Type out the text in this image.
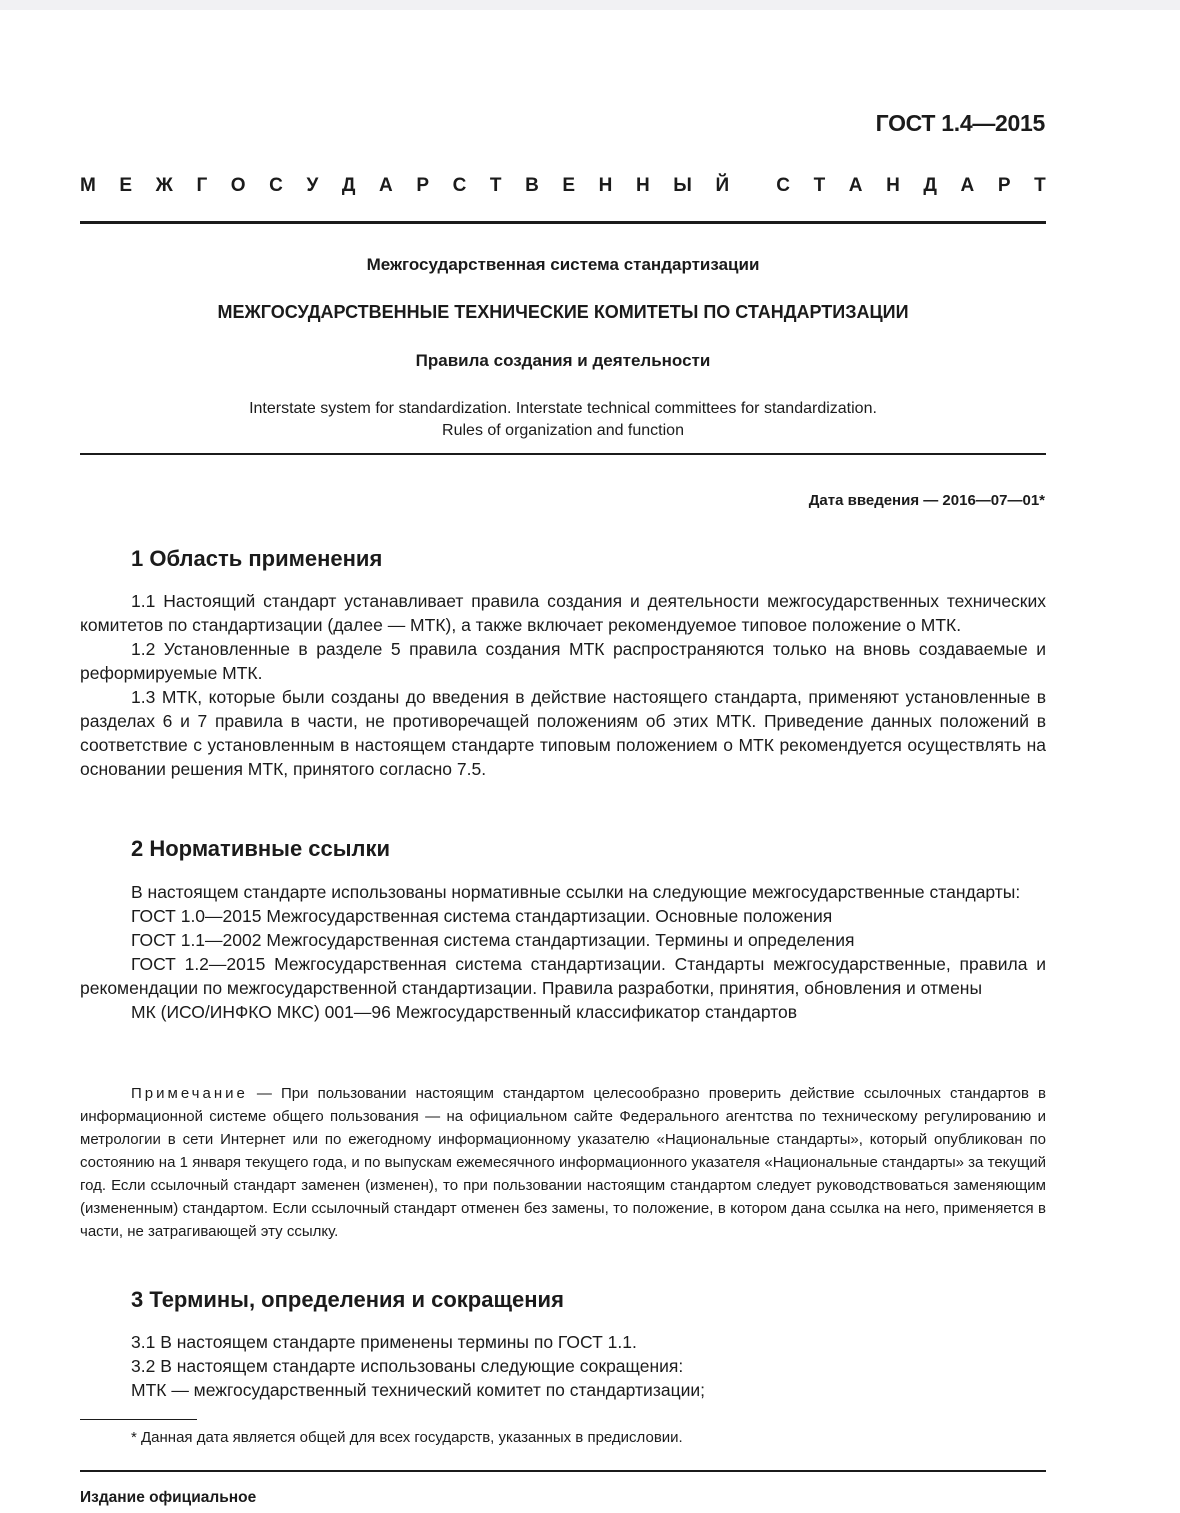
ГОСТ 1.4—2015
М Е Ж Г О С У Д А Р С Т В Е Н Н Ы Й С Т А Н Д А Р Т
Межгосударственная система стандартизации
МЕЖГОСУДАРСТВЕННЫЕ ТЕХНИЧЕСКИЕ КОМИТЕТЫ ПО СТАНДАРТИЗАЦИИ
Правила создания и деятельности
Interstate system for standardization. Interstate technical committees for standardization.
Rules of organization and function
Дата введения — 2016—07—01*
1 Область применения

1.1 Настоящий стандарт устанавливает правила создания и деятельности межгосударственных технических комитетов по стандартизации (далее — МТК), а также включает рекомендуемое типовое положение о МТК.

1.2 Установленные в разделе 5 правила создания МТК распространяются только на вновь создаваемые и реформируемые МТК.

1.3 МТК, которые были созданы до введения в действие настоящего стандарта, применяют установленные в разделах 6 и 7 правила в части, не противоречащей положениям об этих МТК. Приведение данных положений в соответствие с установленным в настоящем стандарте типовым положением о МТК рекомендуется осуществлять на основании решения МТК, принятого согласно 7.5.

2 Нормативные ссылки

В настоящем стандарте использованы нормативные ссылки на следующие межгосударственные стандарты:

ГОСТ 1.0—2015 Межгосударственная система стандартизации. Основные положения

ГОСТ 1.1—2002 Межгосударственная система стандартизации. Термины и определения

ГОСТ 1.2—2015 Межгосударственная система стандартизации. Стандарты межгосударственные, правила и рекомендации по межгосударственной стандартизации. Правила разработки, принятия, обновления и отмены

МК (ИСО/ИНФКО МКС) 001—96 Межгосударственный классификатор стандартов

Примечание — При пользовании настоящим стандартом целесообразно проверить действие ссылочных стандартов в информационной системе общего пользования — на официальном сайте Федерального агентства по техническому регулированию и метрологии в сети Интернет или по ежегодному информационному указателю «Национальные стандарты», который опубликован по состоянию на 1 января текущего года, и по выпускам ежемесячного информационного указателя «Национальные стандарты» за текущий год. Если ссылочный стандарт заменен (изменен), то при пользовании настоящим стандартом следует руководствоваться заменяющим (измененным) стандартом. Если ссылочный стандарт отменен без замены, то положение, в котором дана ссылка на него, применяется в части, не затрагивающей эту ссылку.

3 Термины, определения и сокращения

3.1 В настоящем стандарте применены термины по ГОСТ 1.1.

3.2 В настоящем стандарте использованы следующие сокращения:

МТК — межгосударственный технический комитет по стандартизации;

* Данная дата является общей для всех государств, указанных в предисловии.
Издание официальное
